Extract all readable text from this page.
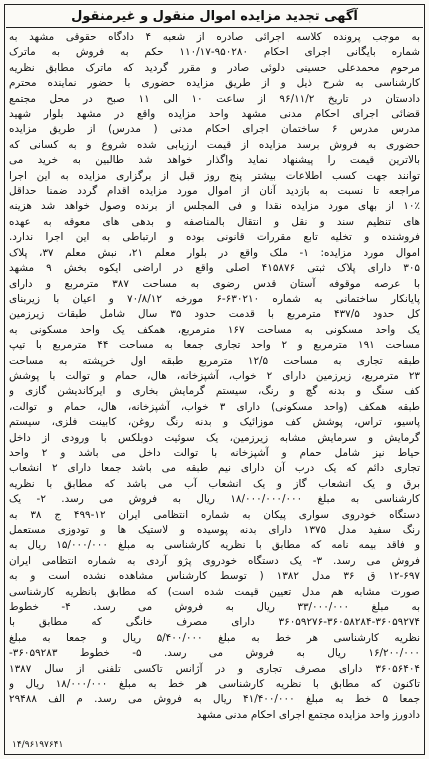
آگهی تجدید مزایده اموال منقول و غیرمنقول
به موجب پرونده کلاسه اجرائی صادره از شعبه ۴ دادگاه حقوقی مشهد به
شماره بایگانی اجرای احکام ۹۵۰۲۸۰-۱۱۰/۱۷ حکم به فروش به ماترک
مرحوم محمدعلی حسینی دلوئی صادر و مقرر گردید که ماترک مطابق نظریه
کارشناسی به شرح ذیل و از طریق مزایده حضوری با حضور نماینده محترم
دادستان در تاریخ ۹۶/۱۱/۲ از ساعت ۱۰ الی ۱۱ صبح در محل مجتمع
قضائی اجرای احکام مدنی مشهد واحد مزایده واقع در مشهد بلوار شهید
مدرس مدرس ۶ ساختمان اجرای احکام مدنی ( مدرس) از طریق مزایده
حضوری به فروش برسد مزایده از قیمت ارزیابی شده شروع و به کسانی که
بالاترین قیمت را پیشنهاد نماید واگذار خواهد شد طالبین به خرید می
توانند جهت کسب اطلاعات بیشتر پنج روز قبل از برگزاری مزایده به این اجرا
مراجعه تا نسبت به بازدید آنان از اموال مورد مزایده اقدام گردد ضمنا حداقل
۱۰٪ از بهای مورد مزایده نقدا و فی المجلس از برنده وصول خواهد شد هزینه
های تنظیم سند و نقل و انتقال بالمناصفه و بدهی های معوقه به عهده
فروشنده و تخلیه تابع مقررات قانونی بوده و ارتباطی به این اجرا ندارد.
اموال مورد مزایده: ۱- ملک واقع در بلوار معلم ۲۱، نبش معلم ۳۷، پلاک
۳۰۵ دارای پلاک ثبتی ۴۱۵۸۷۶ اصلی واقع در اراضی ایکوه بخش ۹ مشهد
با عرصه موقوفه آستان قدس رضوی به مساحت ۳۸۷ مترمربع و دارای
پایانکار ساختمانی به شماره ۶۳۰۲۱۰-۶ مورخه ۷۰/۸/۱۲ و اعیان با زیربنای
کل حدود ۴۳۷/۵ مترمربع با قدمت حدود ۳۵ سال شامل طبقات زیرزمین
یک واحد مسکونی به مساحت ۱۶۷ مترمربع، همکف یک واحد مسکونی به
مساحت ۱۹۱ مترمربع و ۲ واحد تجاری جمعا به مساحت ۴۴ مترمربع با تیپ
طبقه تجاری به مساحت ۱۲/۵ مترمربع طبقه اول خرپشته به مساحت
۲۳ مترمربع، زیرزمین دارای ۲ خواب، آشپزخانه، هال، حمام و توالت با پوشش
کف سنگ و بدنه گچ و رنگ، سیستم گرمایش بخاری و ایرکاندیشن گازی و
طبقه همکف (واحد مسکونی) دارای ۳ خواب، آشپزخانه، هال، حمام و توالت،
پاسیو، تراس، پوشش کف موزائیک و بدنه رنگ روغن، کابینت فلزی، سیستم
گرمایش و سرمایش مشابه زیرزمین، یک سوئیت دوبلکس با ورودی از داخل
حیاط نیز شامل حمام و آشپزخانه با توالت داخل می باشد و ۲ واحد
تجاری دائم که یک درب آن دارای نیم طبقه می باشد جمعا دارای ۲ انشعاب
برق و یک انشعاب گاز و یک انشعاب آب می باشد که مطابق با نظریه
کارشناسی به مبلغ ۱۸/۰۰۰/۰۰۰/۰۰۰ ریال به فروش می رسد. ۲- یک
دستگاه خودروی سواری پیکان به شماره انتظامی ایران ۱۲-۴۹۹ ج ۳۸ به
رنگ سفید مدل ۱۳۷۵ دارای بدنه پوسیده و لاستیک ها و تودوزی مستعمل
و فاقد بیمه نامه که مطابق با نظریه کارشناسی به مبلغ ۱۵/۰۰۰/۰۰۰ ریال به
فروش می رسد. ۳- یک دستگاه خودروی پژو آردی به شماره انتظامی ایران
۱۲-۶۹۷ ق ۳۶ مدل ۱۳۸۲ ( توسط کارشناس مشاهده نشده است و به
صورت مشابه هم مدل تعیین قیمت شده است) که مطابق بانظریه کارشناسی
به مبلغ ۳۳/۰۰۰/۰۰۰ ریال به فروش می رسد. ۴- خطوط
۳۶۰۵۹۲۷۶-۳۶۰۵۸۲۸۴-۳۶۰۵۹۲۷۴ دارای مصرف خانگی که مطابق با
نظریه کارشناسی هر خط به مبلغ ۵/۴۰۰/۰۰۰ ریال و جمعا به مبلغ
۱۶/۲۰۰/۰۰۰ ریال به فروش می رسد. ۵- خطوط ۳۶۰۵۹۲۸۳-
۳۶۰۵۶۴۰۴ دارای مصرف تجاری و در آژانس تاکسی تلفنی از سال ۱۳۸۷
تاکنون که مطابق با نظریه کارشناسی هر خط به مبلغ ۱۸/۰۰۰/۰۰۰ ریال و
جمعا ۵ خط به مبلغ ۴۱/۴۰۰/۰۰۰ ریال به فروش می رسد. م الف ۲۹۴۸۸
دادورز واحد مزایده مجتمع اجرای احکام مدنی مشهد
۱۴/۹۶۱۹۷۶۴۱
